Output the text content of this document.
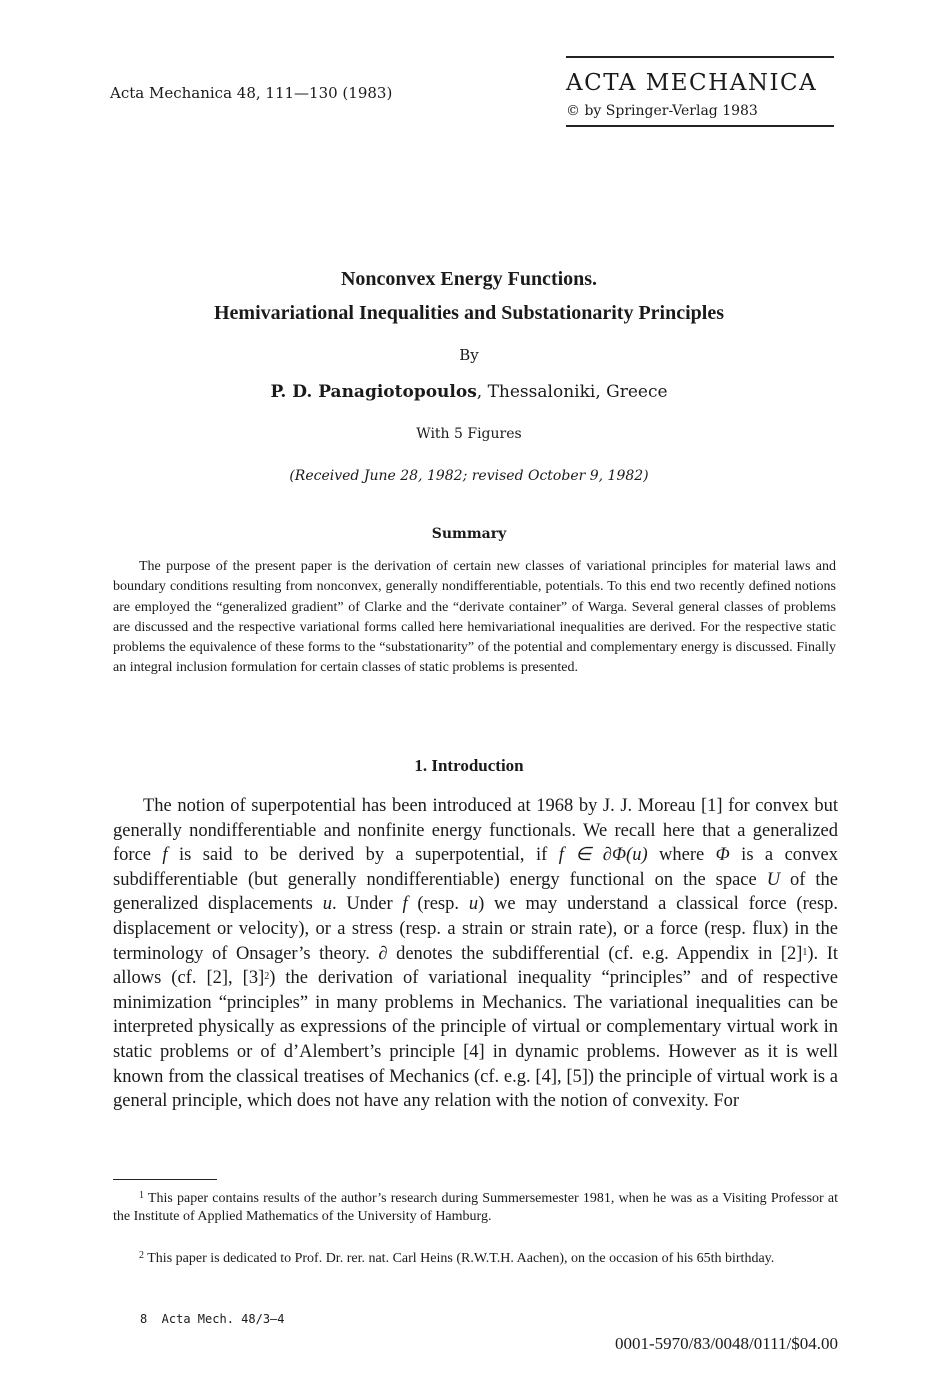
Acta Mechanica 48, 111—130 (1983)	ACTA MECHANICA
© by Springer-Verlag 1983
Nonconvex Energy Functions.
Hemivariational Inequalities and Substationarity Principles
By
P. D. Panagiotopoulos, Thessaloniki, Greece
With 5 Figures
(Received June 28, 1982; revised October 9, 1982)
Summary

The purpose of the present paper is the derivation of certain new classes of variational principles for material laws and boundary conditions resulting from nonconvex, generally nondifferentiable, potentials. To this end two recently defined notions are employed the “generalized gradient” of Clarke and the “derivate container” of Warga. Several general classes of problems are discussed and the respective variational forms called here hemivariational inequalities are derived. For the respective static problems the equivalence of these forms to the “substationarity” of the potential and complementary energy is discussed. Finally an integral inclusion formulation for certain classes of static problems is presented.

1. Introduction

The notion of superpotential has been introduced at 1968 by J. J. Moreau [1] for convex but generally nondifferentiable and nonfinite energy functionals. We recall here that a generalized force f is said to be derived by a superpotential, if f ∈ ∂Φ(u) where Φ is a convex subdifferentiable (but generally nondifferentiable) energy functional on the space U of the generalized displacements u. Under f (resp. u) we may understand a classical force (resp. displacement or velocity), or a stress (resp. a strain or strain rate), or a force (resp. flux) in the terminology of Onsager’s theory. ∂ denotes the subdifferential (cf. e.g. Appendix in $[2]^1$). It allows (cf. [2], $[3]^2$) the derivation of variational inequality “principles” and of respective minimization “principles” in many problems in Mechanics. The variational inequalities can be interpreted physically as expressions of the principle of virtual or complementary virtual work in static problems or of d’Alembert’s principle [4] in dynamic problems. However as it is well known from the classical treatises of Mechanics (cf. e.g. [4], [5]) the principle of virtual work is a general principle, which does not have any relation with the notion of convexity. For

$^1$ This paper contains results of the author’s research during Summersemester 1981, when he was as a Visiting Professor at the Institute of Applied Mathematics of the University of Hamburg.

$^2$ This paper is dedicated to Prof. Dr. rer. nat. Carl Heins (R.W.T.H. Aachen), on the occasion of his 65th birthday.

8  Acta Mech. 48/3–4
0001-5970/83/0048/0111/$04.00
